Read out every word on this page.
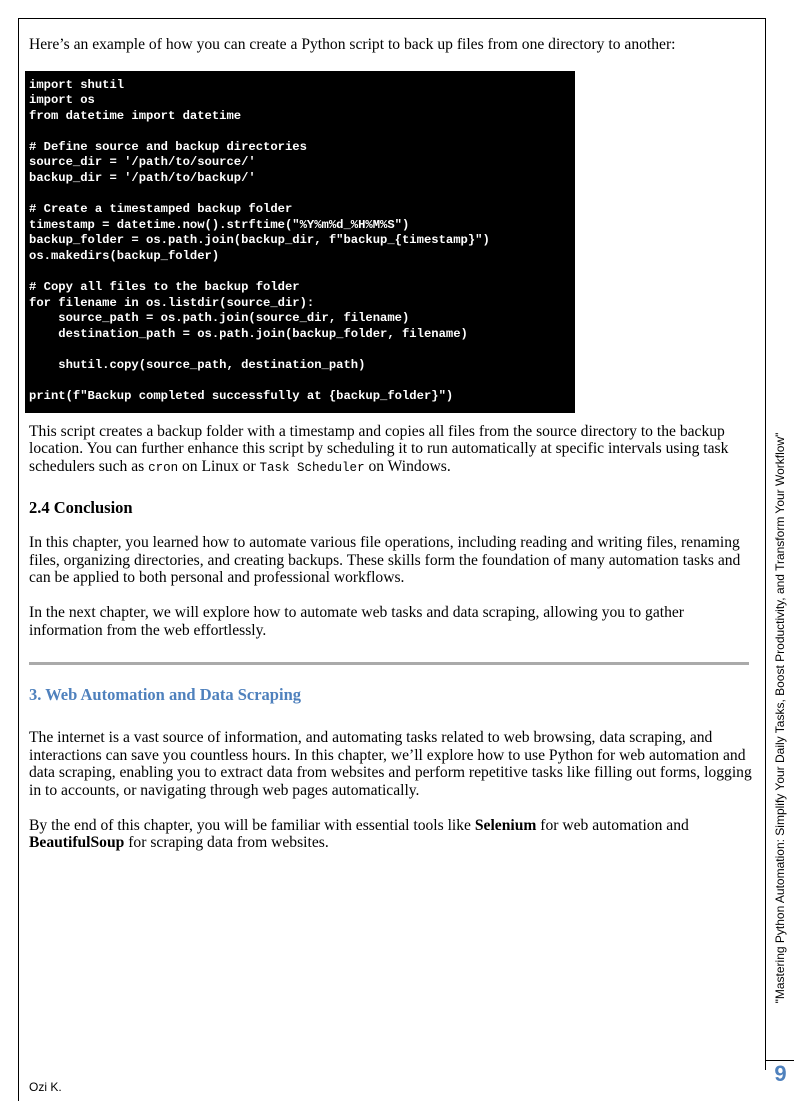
Here’s an example of how you can create a Python script to back up files from one directory to another:

import shutil
import os
from datetime import datetime
# Define source and backup directories
source_dir = '/path/to/source/'
backup_dir = '/path/to/backup/'
# Create a timestamped backup folder
timestamp = datetime.now().strftime("%Y%m%d_%H%M%S")
backup_folder = os.path.join(backup_dir, f"backup_{timestamp}")
os.makedirs(backup_folder)
# Copy all files to the backup folder
for filename in os.listdir(source_dir):
source_path = os.path.join(source_dir, filename)
destination_path = os.path.join(backup_folder, filename)
shutil.copy(source_path, destination_path)
print(f"Backup completed successfully at {backup_folder}")

This script creates a backup folder with a timestamp and copies all files from the source directory to the backup location. You can further enhance this script by scheduling it to run automatically at specific intervals using task schedulers such as cron on Linux or Task Scheduler on Windows.

2.4 Conclusion

In this chapter, you learned how to automate various file operations, including reading and writing files, renaming files, organizing directories, and creating backups. These skills form the foundation of many automation tasks and can be applied to both personal and professional workflows.

In the next chapter, we will explore how to automate web tasks and data scraping, allowing you to gather information from the web effortlessly.

3. Web Automation and Data Scraping

The internet is a vast source of information, and automating tasks related to web browsing, data scraping, and interactions can save you countless hours. In this chapter, we’ll explore how to use Python for web automation and data scraping, enabling you to extract data from websites and perform repetitive tasks like filling out forms, logging in to accounts, or navigating through web pages automatically.

By the end of this chapter, you will be familiar with essential tools like Selenium for web automation and BeautifulSoup for scraping data from websites.	"Mastering Python Automation: Simplify Your Daily Tasks, Boost Productivity, and Transform Your Workflow"
9
Ozi K.
